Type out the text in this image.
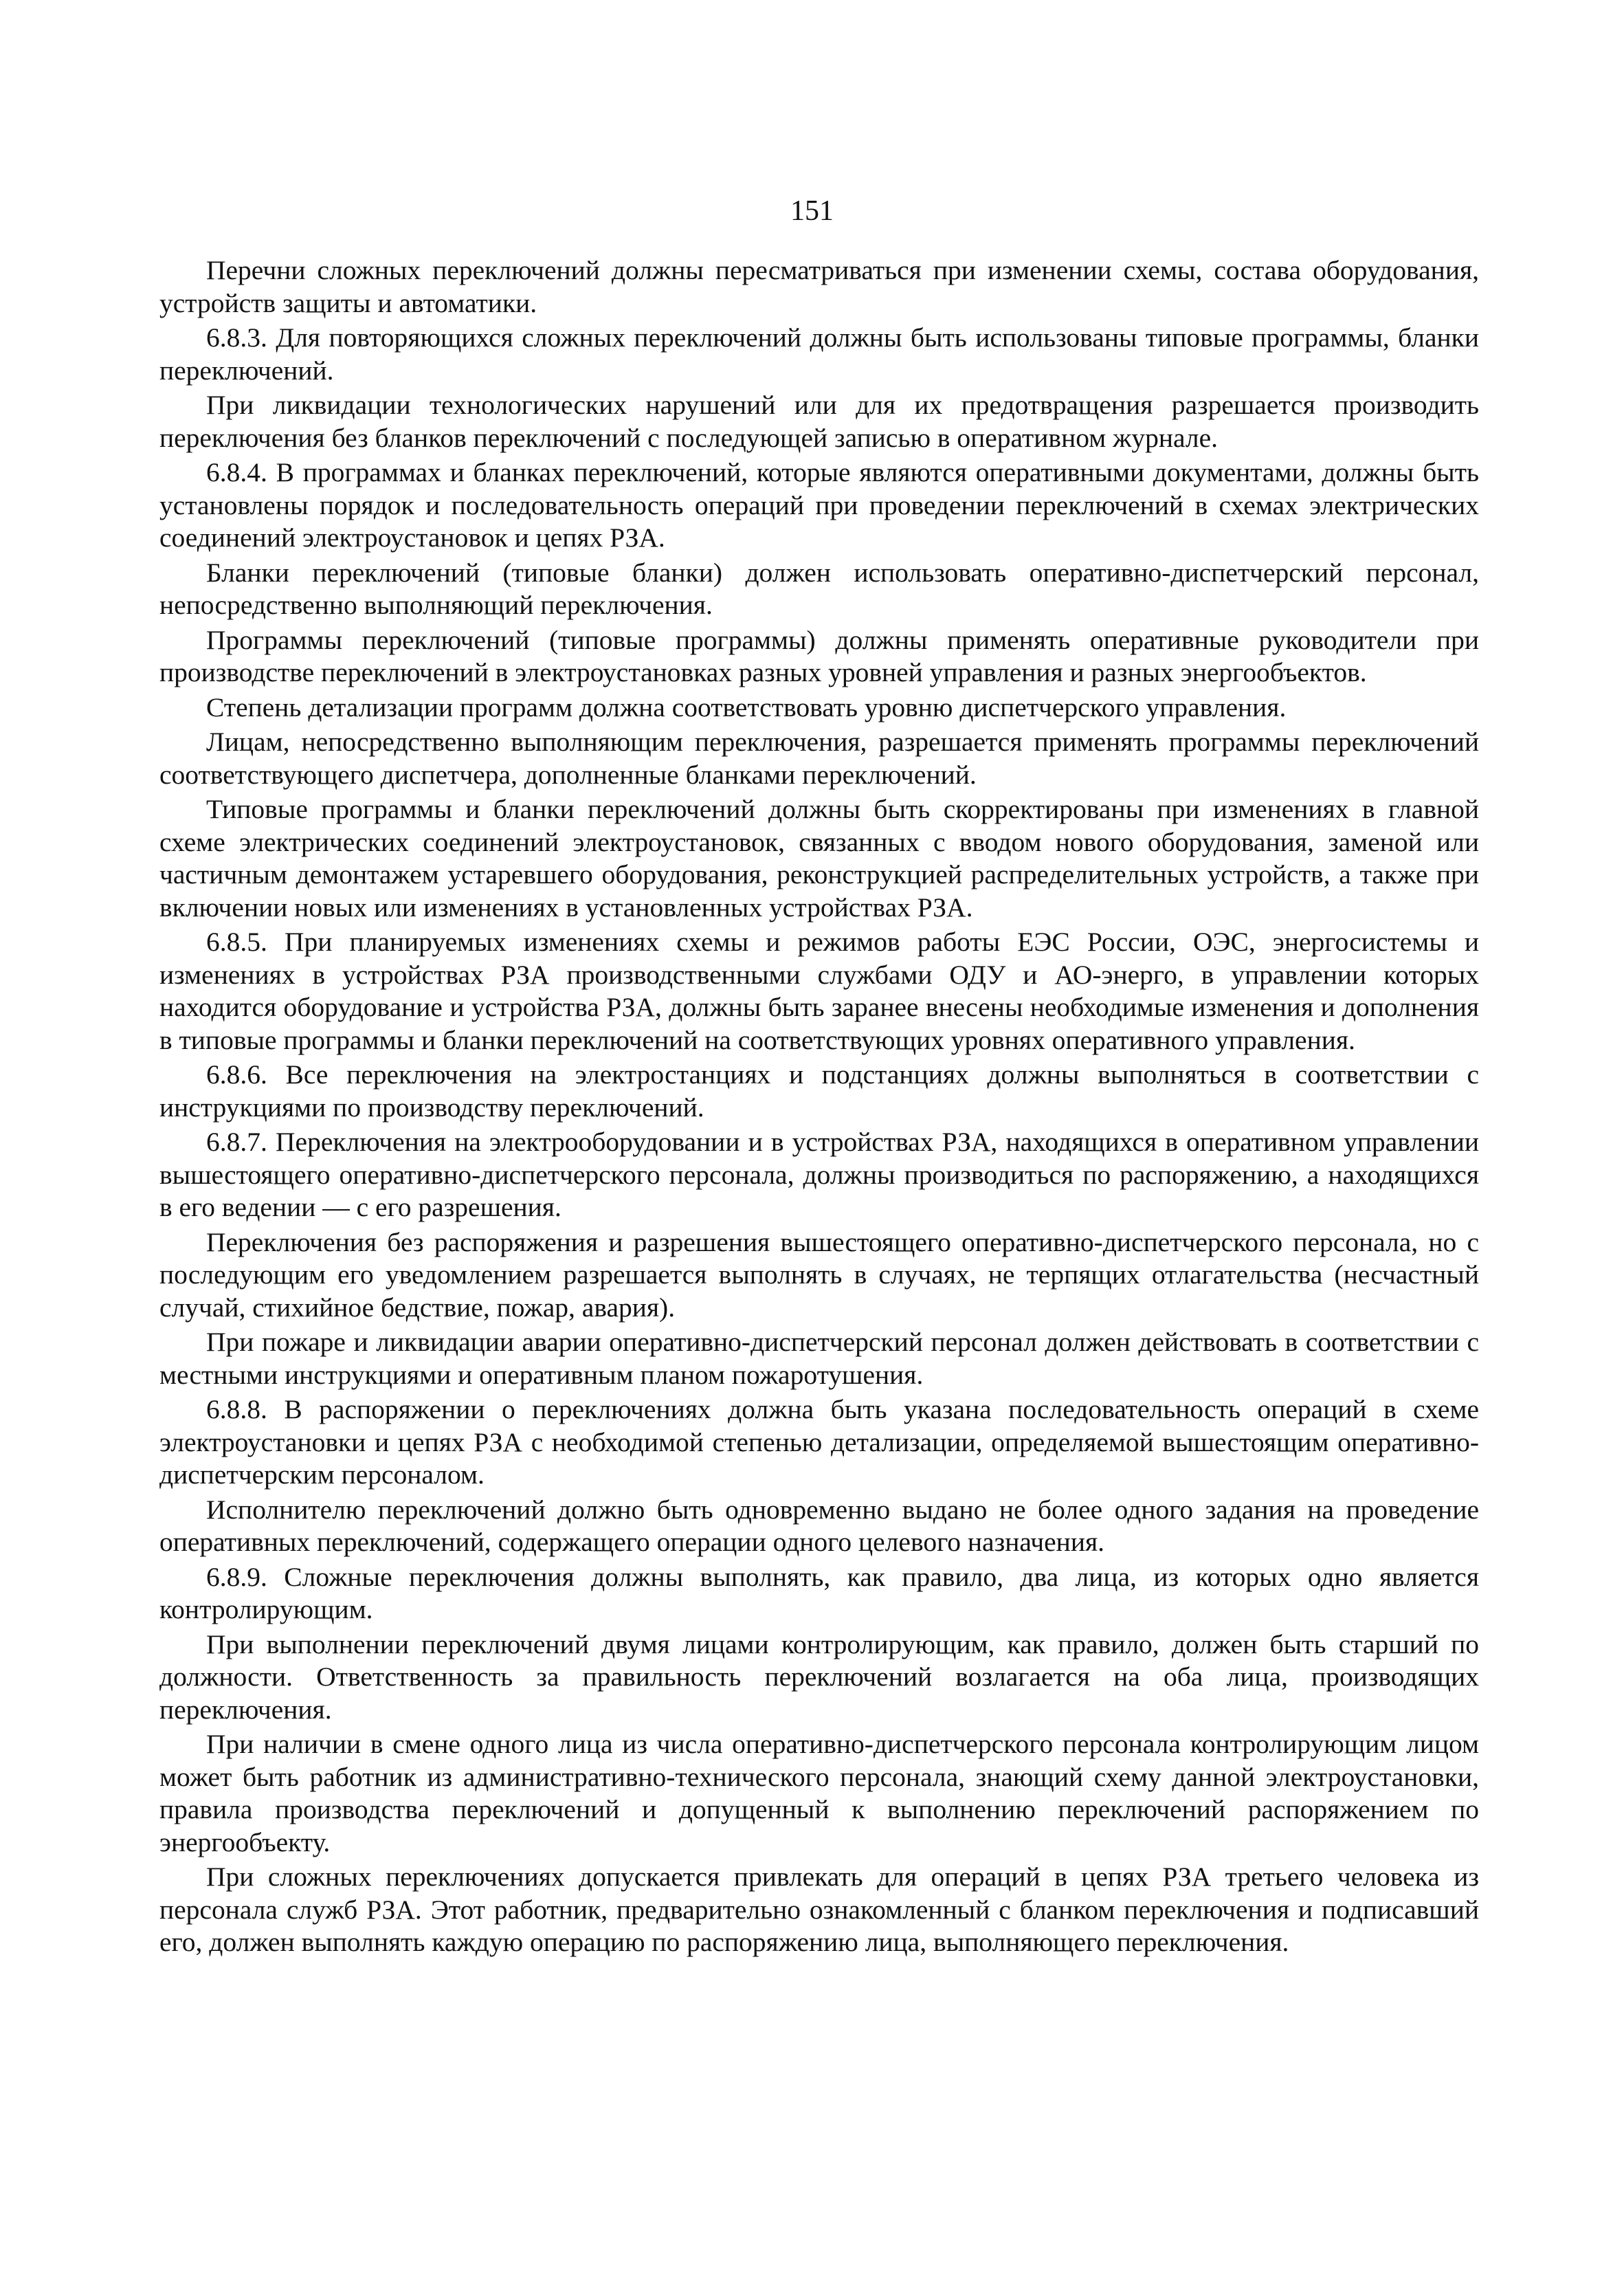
151

Перечни сложных переключений должны пересматриваться при изменении схемы, состава оборудования, устройств защиты и автоматики.

6.8.3. Для повторяющихся сложных переключений должны быть использованы типовые программы, бланки переключений.

При ликвидации технологических нарушений или для их предотвращения разрешается производить переключения без бланков переключений с последующей записью в оперативном журнале.

6.8.4. В программах и бланках переключений, которые являются оперативными документами, должны быть установлены порядок и последовательность операций при проведении переключений в схемах электрических соединений электроустановок и цепях РЗА.

Бланки переключений (типовые бланки) должен использовать оперативно-диспетчерский персонал, непосредственно выполняющий переключения.

Программы переключений (типовые программы) должны применять оперативные руководители при производстве переключений в электроустановках разных уровней управления и разных энергообъектов.

Степень детализации программ должна соответствовать уровню диспетчерского управления.

Лицам, непосредственно выполняющим переключения, разрешается применять программы переключений соответствующего диспетчера, дополненные бланками переключений.

Типовые программы и бланки переключений должны быть скорректированы при изменениях в главной схеме электрических соединений электроустановок, связанных с вводом нового оборудования, заменой или частичным демонтажем устаревшего оборудования, реконструкцией распределительных устройств, а также при включении новых или изменениях в установленных устройствах РЗА.

6.8.5. При планируемых изменениях схемы и режимов работы ЕЭС России, ОЭС, энергосистемы и изменениях в устройствах РЗА производственными службами ОДУ и АО-энерго, в управлении которых находится оборудование и устройства РЗА, должны быть заранее внесены необходимые изменения и дополнения в типовые программы и бланки переключений на соответствующих уровнях оперативного управления.

6.8.6. Все переключения на электростанциях и подстанциях должны выполняться в соответствии с инструкциями по производству переключений.

6.8.7. Переключения на электрооборудовании и в устройствах РЗА, находящихся в оперативном управлении вышестоящего оперативно-диспетчерского персонала, должны производиться по распоряжению, а находящихся в его ведении — с его разрешения.

Переключения без распоряжения и разрешения вышестоящего оперативно-диспетчерского персонала, но с последующим его уведомлением разрешается выполнять в случаях, не терпящих отлагательства (несчастный случай, стихийное бедствие, пожар, авария).

При пожаре и ликвидации аварии оперативно-диспетчерский персонал должен действовать в соответствии с местными инструкциями и оперативным планом пожаротушения.

6.8.8. В распоряжении о переключениях должна быть указана последовательность операций в схеме электроустановки и цепях РЗА с необходимой степенью детализации, определяемой вышестоящим оперативно-диспетчерским персоналом.

Исполнителю переключений должно быть одновременно выдано не более одного задания на проведение оперативных переключений, содержащего операции одного целевого назначения.

6.8.9. Сложные переключения должны выполнять, как правило, два лица, из которых одно является контролирующим.

При выполнении переключений двумя лицами контролирующим, как правило, должен быть старший по должности. Ответственность за правильность переключений возлагается на оба лица, производящих переключения.

При наличии в смене одного лица из числа оперативно-диспетчерского персонала контролирующим лицом может быть работник из административно-технического персонала, знающий схему данной электроустановки, правила производства переключений и допущенный к выполнению переключений распоряжением по энергообъекту.

При сложных переключениях допускается привлекать для операций в цепях РЗА третьего человека из персонала служб РЗА. Этот работник, предварительно ознакомленный с бланком переключения и подписавший его, должен выполнять каждую операцию по распоряжению лица, выполняющего переключения.
